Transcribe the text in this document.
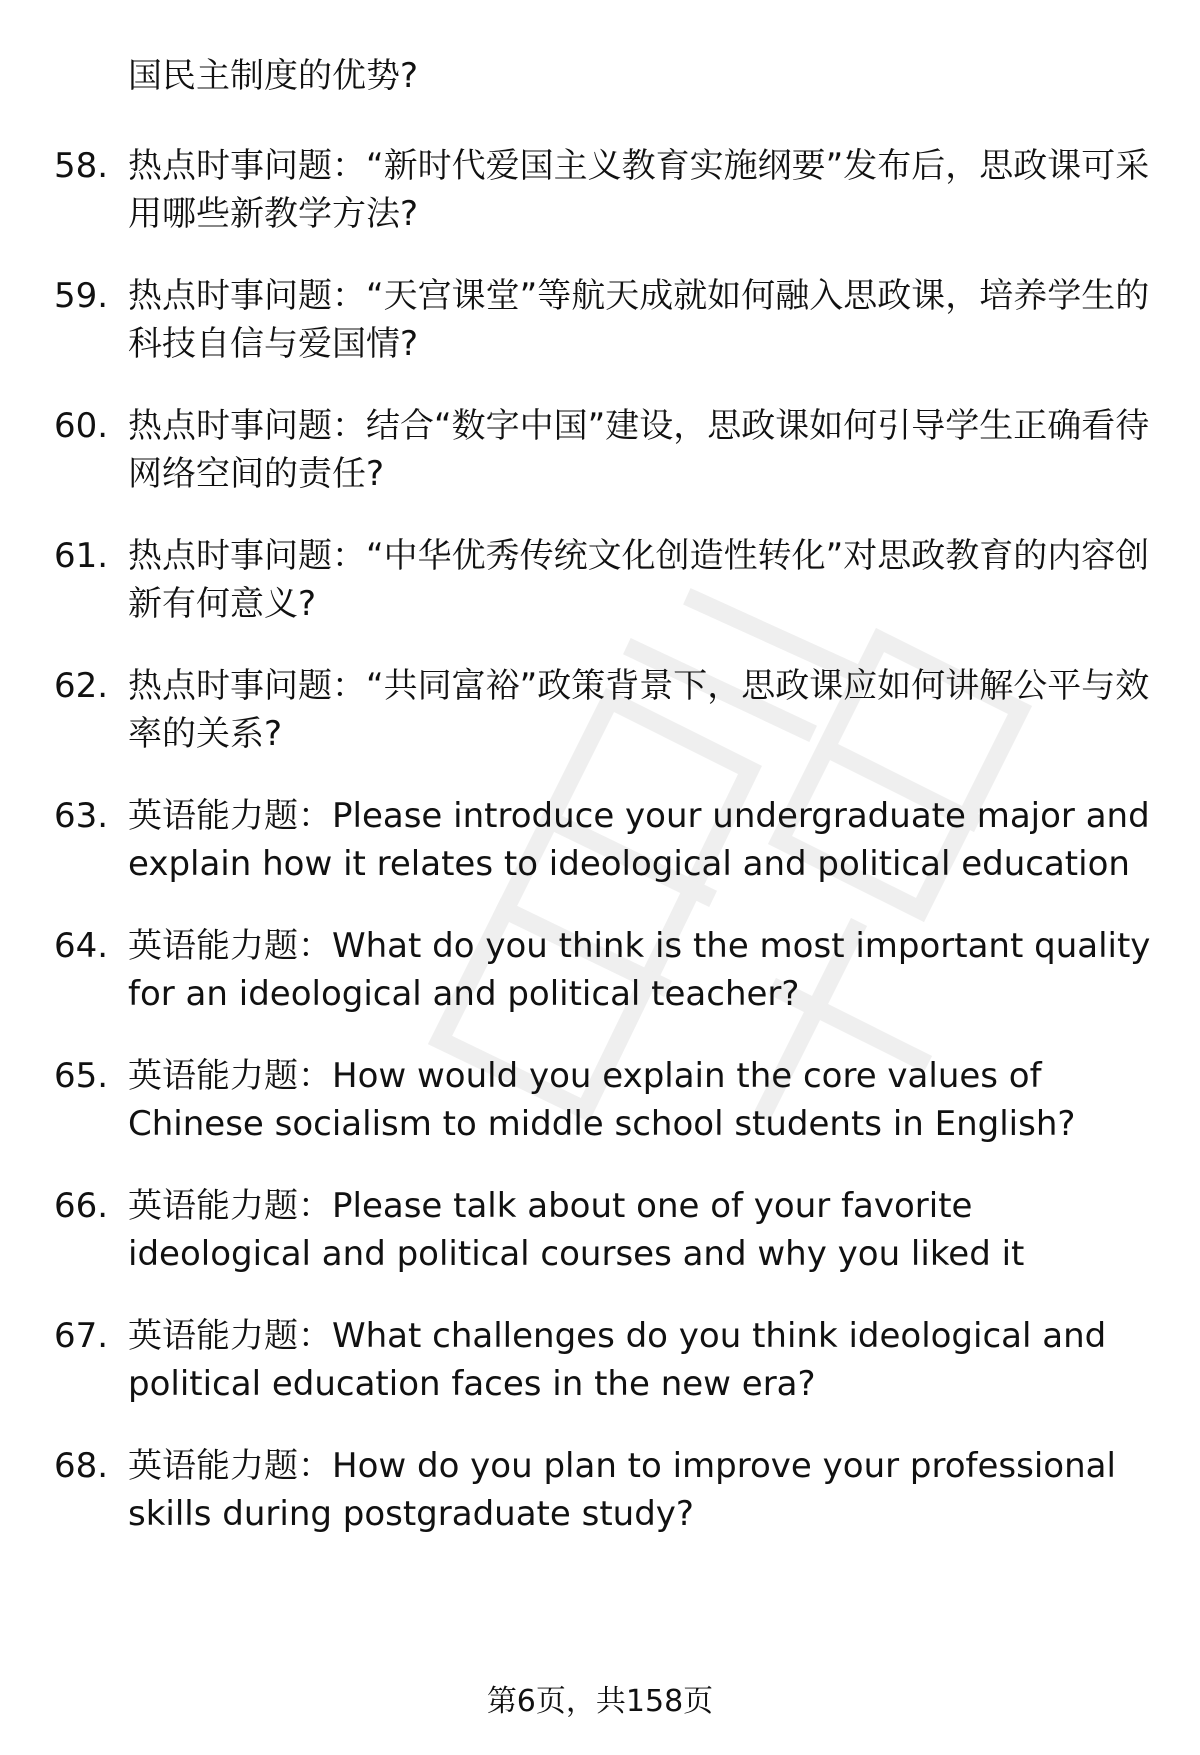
国民主制度的优势?
58. 热点时事问题：“新时代爱国主义教育实施纲要”发布后，思政课可采用哪些新教学方法?
59. 热点时事问题：“天宫课堂”等航天成就如何融入思政课，培养学生的科技自信与爱国情?
60. 热点时事问题：结合“数字中国”建设，思政课如何引导学生正确看待网络空间的责任?
61. 热点时事问题：“中华优秀传统文化创造性转化”对思政教育的内容创新有何意义?
62. 热点时事问题：“共同富裕”政策背景下，思政课应如何讲解公平与效率的关系?
63. 英语能力题：Please introduce your undergraduate major and explain how it relates to ideological and political education
64. 英语能力题：What do you think is the most important quality for an ideological and political teacher?
65. 英语能力题：How would you explain the core values of Chinese socialism to middle school students in English?
66. 英语能力题：Please talk about one of your favorite ideological and political courses and why you liked it
67. 英语能力题：What challenges do you think ideological and political education faces in the new era?
68. 英语能力题：How do you plan to improve your professional skills during postgraduate study?
第6页，共158页
